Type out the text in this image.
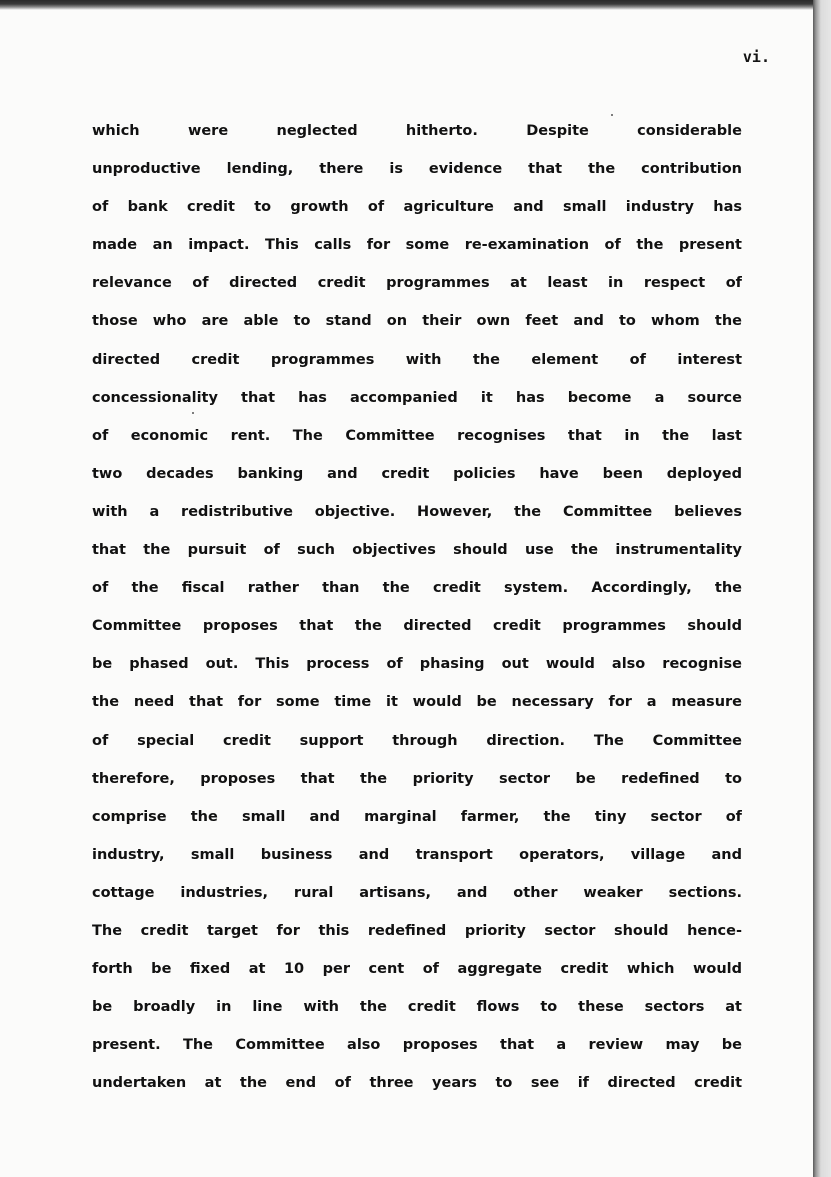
vi.
which were neglected hitherto. Despite considerable
unproductive lending, there is evidence that the contribution
of bank credit to growth of agriculture and small industry has
made an impact. This calls for some re-examination of the present
relevance of directed credit programmes at least in respect of
those who are able to stand on their own feet and to whom the
directed credit programmes with the element of interest
concessionality that has accompanied it has become a source
of economic rent. The Committee recognises that in the last
two decades banking and credit policies have been deployed
with a redistributive objective. However, the Committee believes
that the pursuit of such objectives should use the instrumentality
of the fiscal rather than the credit system. Accordingly, the
Committee proposes that the directed credit programmes should
be phased out. This process of phasing out would also recognise
the need that for some time it would be necessary for a measure
of special credit support through direction. The Committee
therefore, proposes that the priority sector be redefined to
comprise the small and marginal farmer, the tiny sector of
industry, small business and transport operators, village and
cottage industries, rural artisans, and other weaker sections.
The credit target for this redefined priority sector should hence-
forth be fixed at 10 per cent of aggregate credit which would
be broadly in line with the credit flows to these sectors at
present. The Committee also proposes that a review may be
undertaken at the end of three years to see if directed credit
